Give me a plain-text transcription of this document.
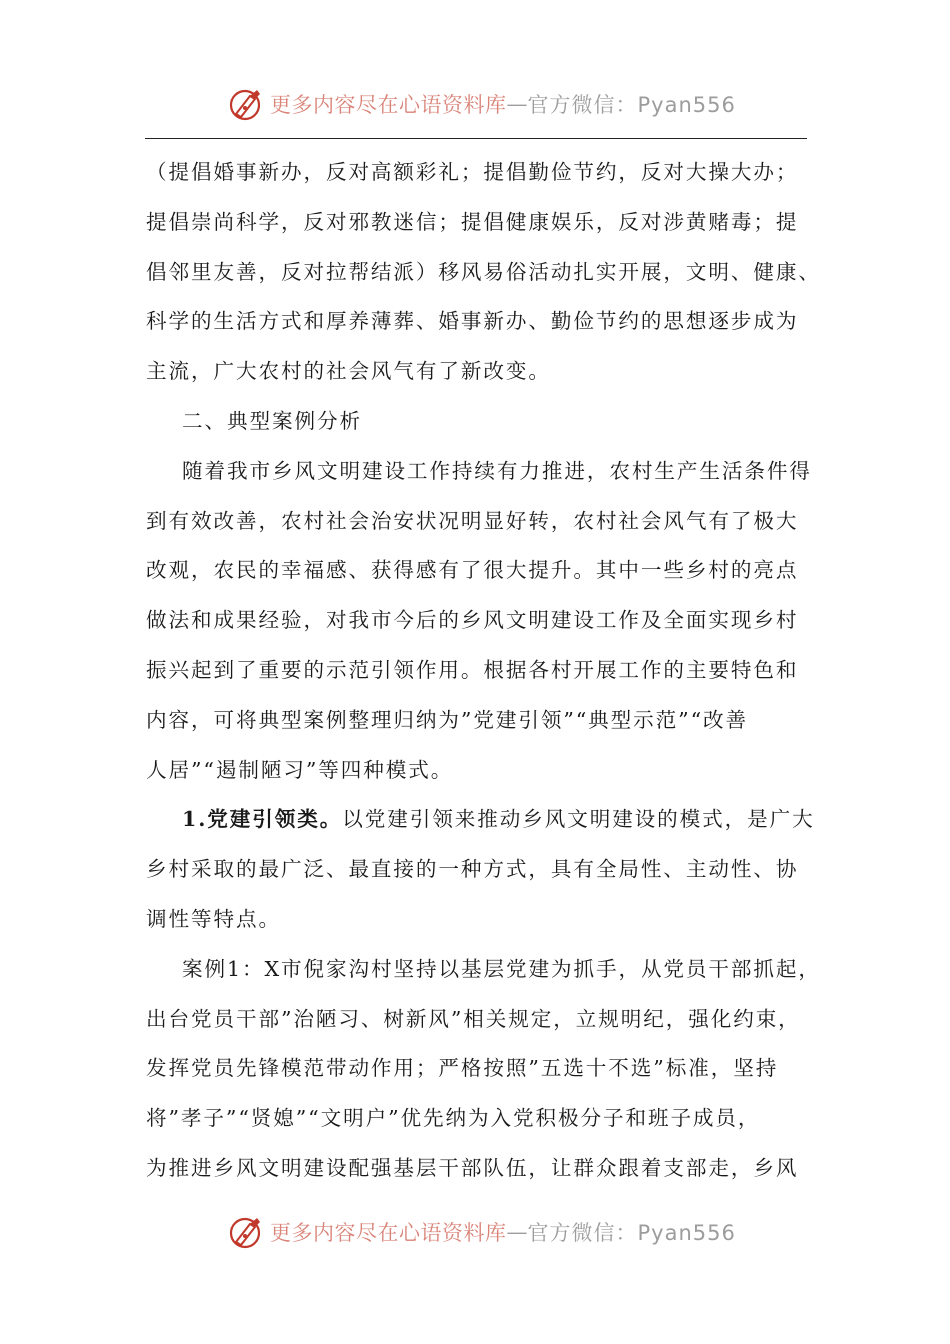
更多内容尽在心语资料库 — 官方微信：Pyan556
（提倡婚事新办，反对高额彩礼；提倡勤俭节约，反对大操大办；
提倡崇尚科学，反对邪教迷信；提倡健康娱乐，反对涉黄赌毒；提
倡邻里友善，反对拉帮结派）移风易俗活动扎实开展，文明、健康、
科学的生活方式和厚养薄葬、婚事新办、勤俭节约的思想逐步成为
主流，广大农村的社会风气有了新改变。
二、典型案例分析
随着我市乡风文明建设工作持续有力推进，农村生产生活条件得
到有效改善，农村社会治安状况明显好转，农村社会风气有了极大
改观，农民的幸福感、获得感有了很大提升。其中一些乡村的亮点
做法和成果经验，对我市今后的乡风文明建设工作及全面实现乡村
振兴起到了重要的示范引领作用。根据各村开展工作的主要特色和
内容，可将典型案例整理归纳为”党建引领”“典型示范”“改善
人居”“遏制陋习”等四种模式。
1.党建引领类。以党建引领来推动乡风文明建设的模式，是广大
乡村采取的最广泛、最直接的一种方式，具有全局性、主动性、协
调性等特点。
案例1：X市倪家沟村坚持以基层党建为抓手，从党员干部抓起，
出台党员干部”治陋习、树新风”相关规定，立规明纪，强化约束，
发挥党员先锋模范带动作用；严格按照”五选十不选”标准，坚持
将”孝子”“贤媳”“文明户”优先纳为入党积极分子和班子成员，
为推进乡风文明建设配强基层干部队伍，让群众跟着支部走，乡风
更多内容尽在心语资料库 — 官方微信：Pyan556
